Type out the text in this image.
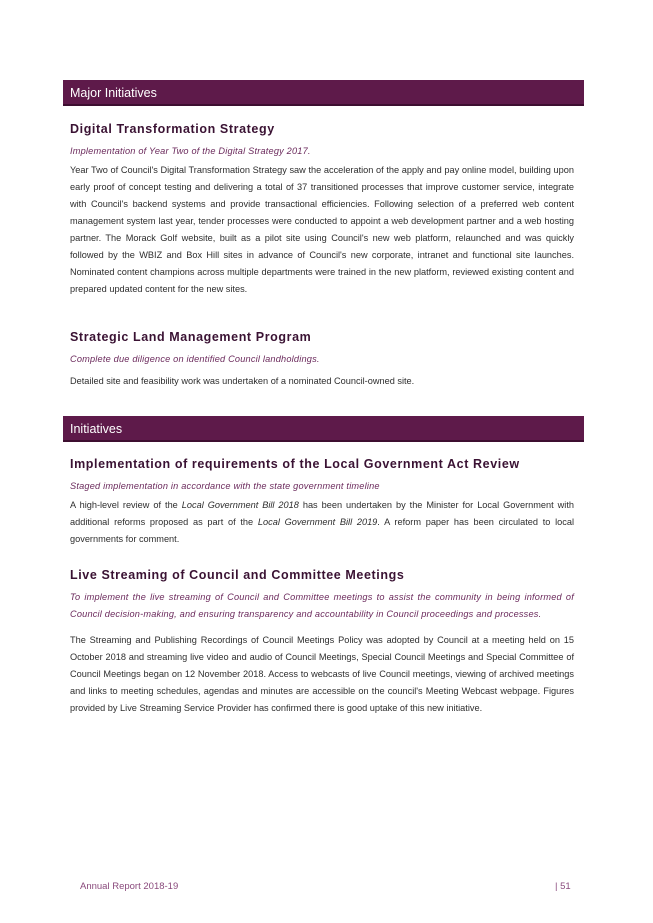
Major Initiatives
Digital Transformation Strategy
Implementation of Year Two of the Digital Strategy 2017.

Year Two of Council's Digital Transformation Strategy saw the acceleration of the apply and pay online model, building upon early proof of concept testing and delivering a total of 37 transitioned processes that improve customer service, integrate with Council's backend systems and provide transactional efficiencies. Following selection of a preferred web content management system last year, tender processes were conducted to appoint a web development partner and a web hosting partner. The Morack Golf website, built as a pilot site using Council's new web platform, relaunched and was quickly followed by the WBIZ and Box Hill sites in advance of Council's new corporate, intranet and functional site launches. Nominated content champions across multiple departments were trained in the new platform, reviewed existing content and prepared updated content for the new sites.

Strategic Land Management Program
Complete due diligence on identified Council landholdings.

Detailed site and feasibility work was undertaken of a nominated Council-owned site.

Initiatives
Implementation of requirements of the Local Government Act Review
Staged implementation in accordance with the state government timeline

A high-level review of the Local Government Bill 2018 has been undertaken by the Minister for Local Government with additional reforms proposed as part of the Local Government Bill 2019. A reform paper has been circulated to local governments for comment.

Live Streaming of Council and Committee Meetings
To implement the live streaming of Council and Committee meetings to assist the community in being informed of Council decision-making, and ensuring transparency and accountability in Council proceedings and processes.

The Streaming and Publishing Recordings of Council Meetings Policy was adopted by Council at a meeting held on 15 October 2018 and streaming live video and audio of Council Meetings, Special Council Meetings and Special Committee of Council Meetings began on 12 November 2018. Access to webcasts of live Council meetings, viewing of archived meetings and links to meeting schedules, agendas and minutes are accessible on the council's Meeting Webcast webpage. Figures provided by Live Streaming Service Provider has confirmed there is good uptake of this new initiative.

Annual Report 2018-19	| 51
